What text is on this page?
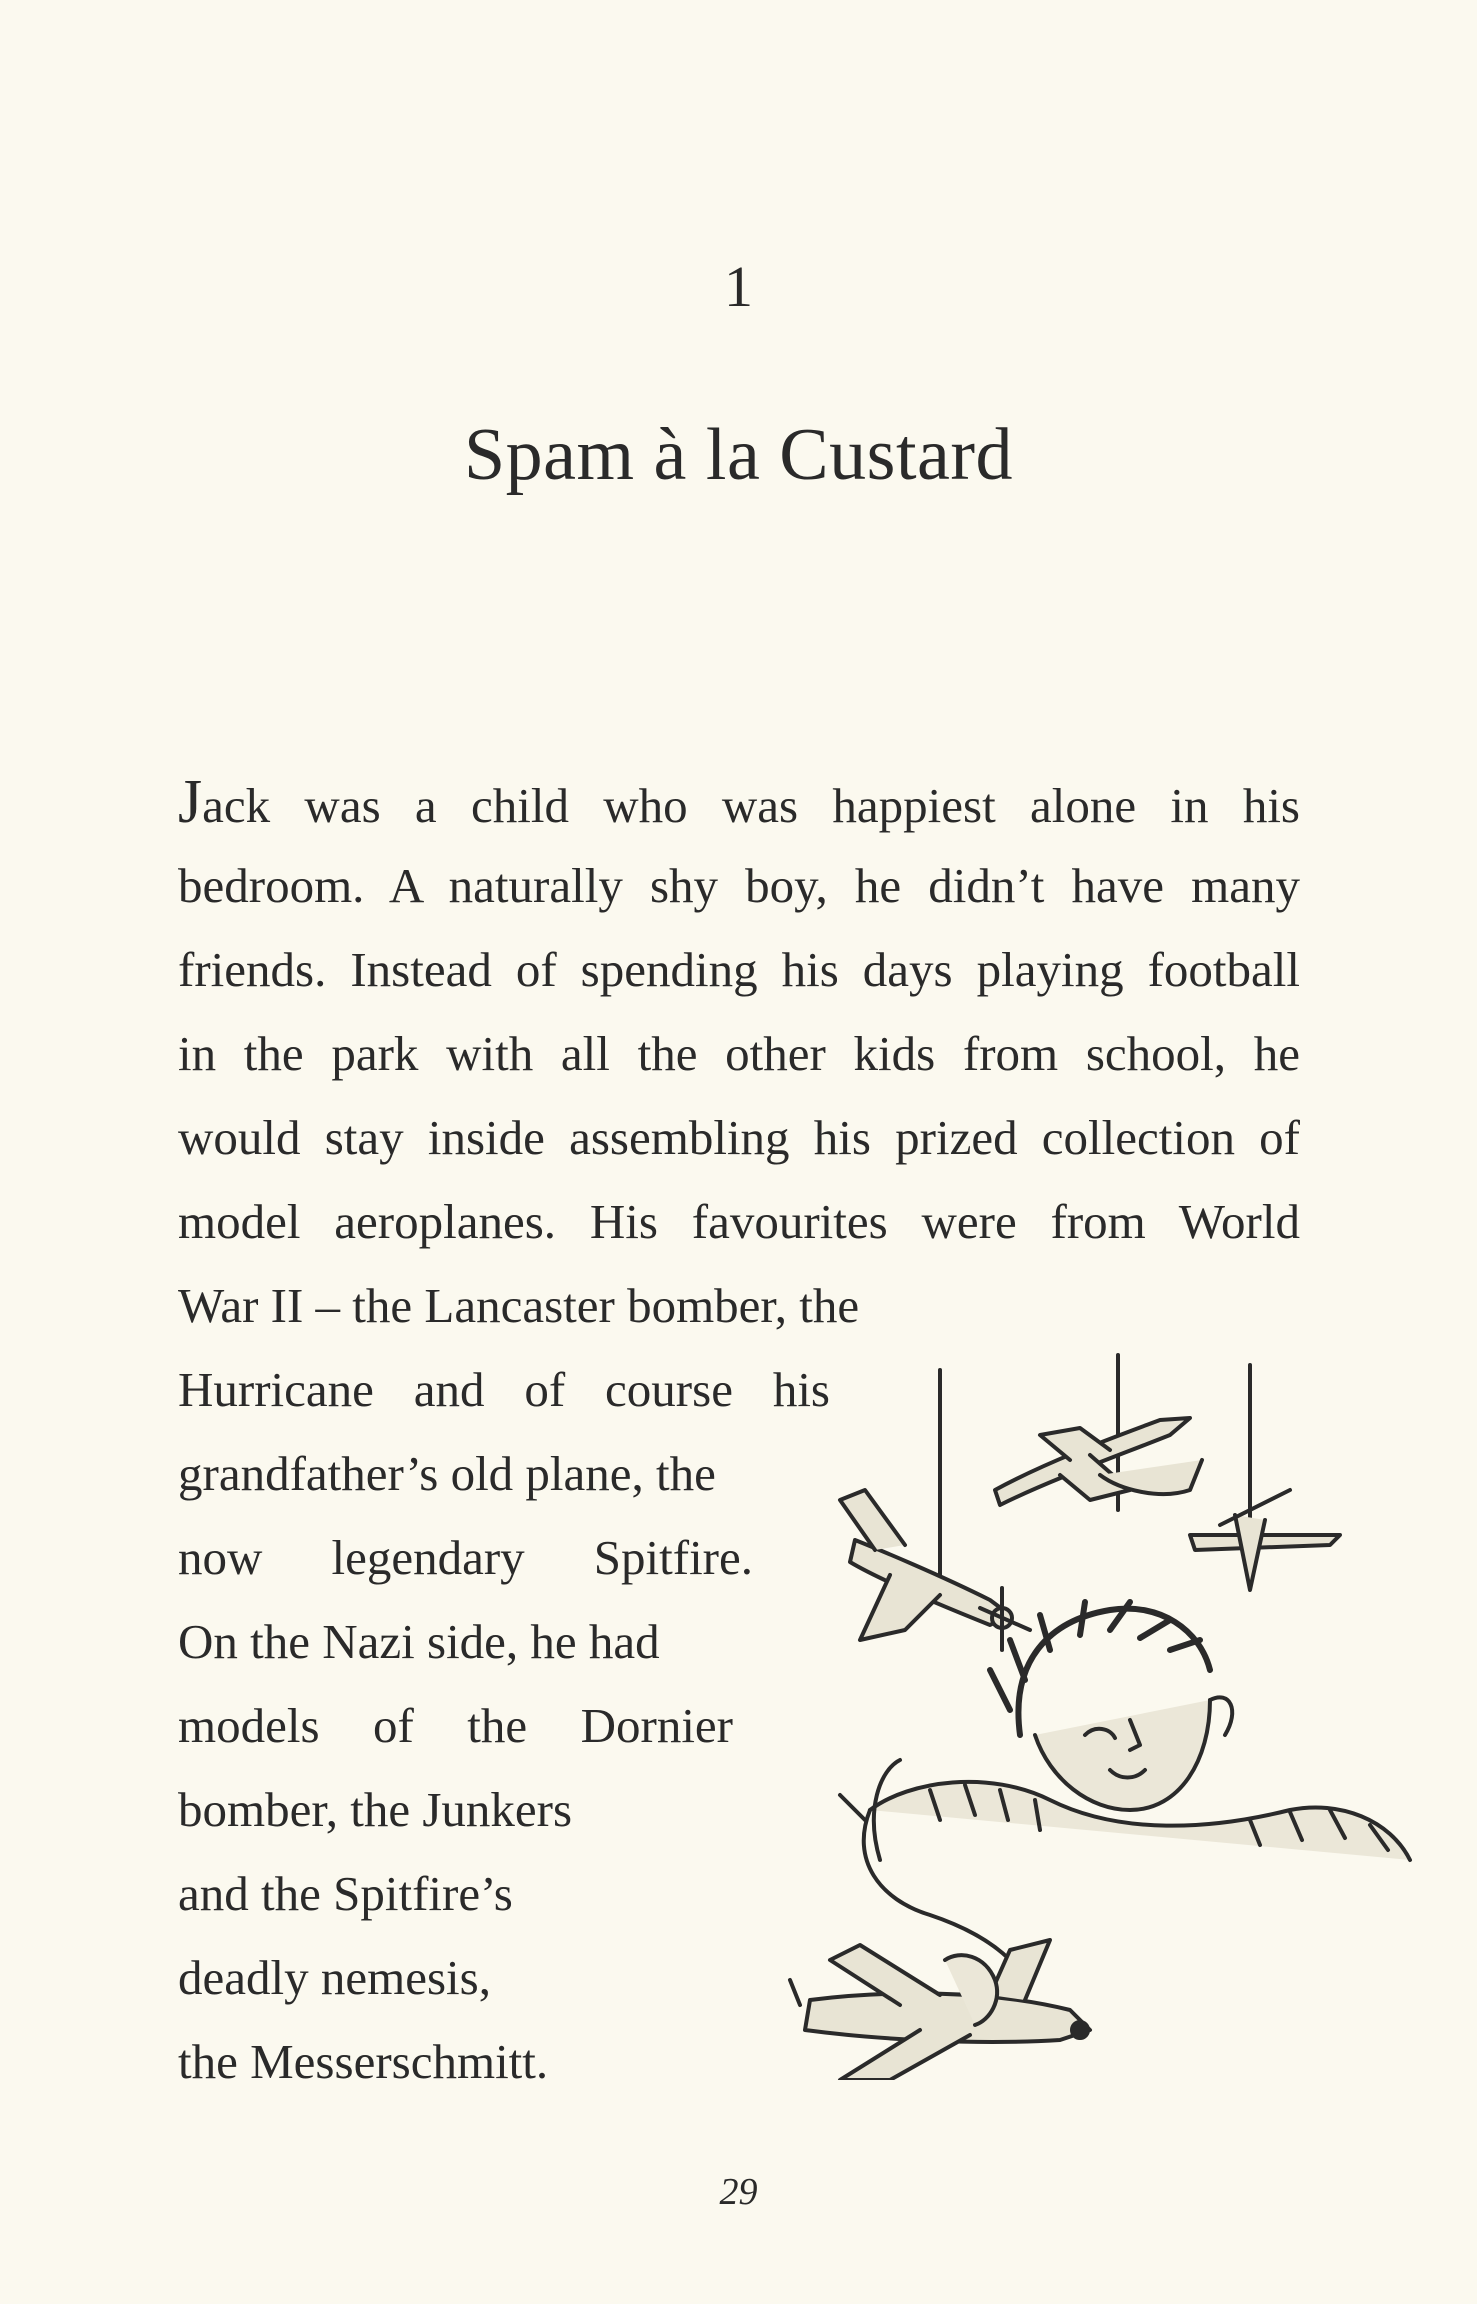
1
Spam à la Custard
Jack was a child who was happiest alone in his
bedroom. A naturally shy boy, he didn’t have many
friends. Instead of spending his days playing football
in the park with all the other kids from school, he
would stay inside assembling his prized collection of
model aeroplanes. His favourites were from World
War II – the Lancaster bomber, the
Hurricane and of course his
grandfather’s old plane, the
now legendary Spitfire.
On the Nazi side, he had
models of the Dornier
bomber, the Junkers
and the Spitfire’s
deadly nemesis,
the Messerschmitt.
29
